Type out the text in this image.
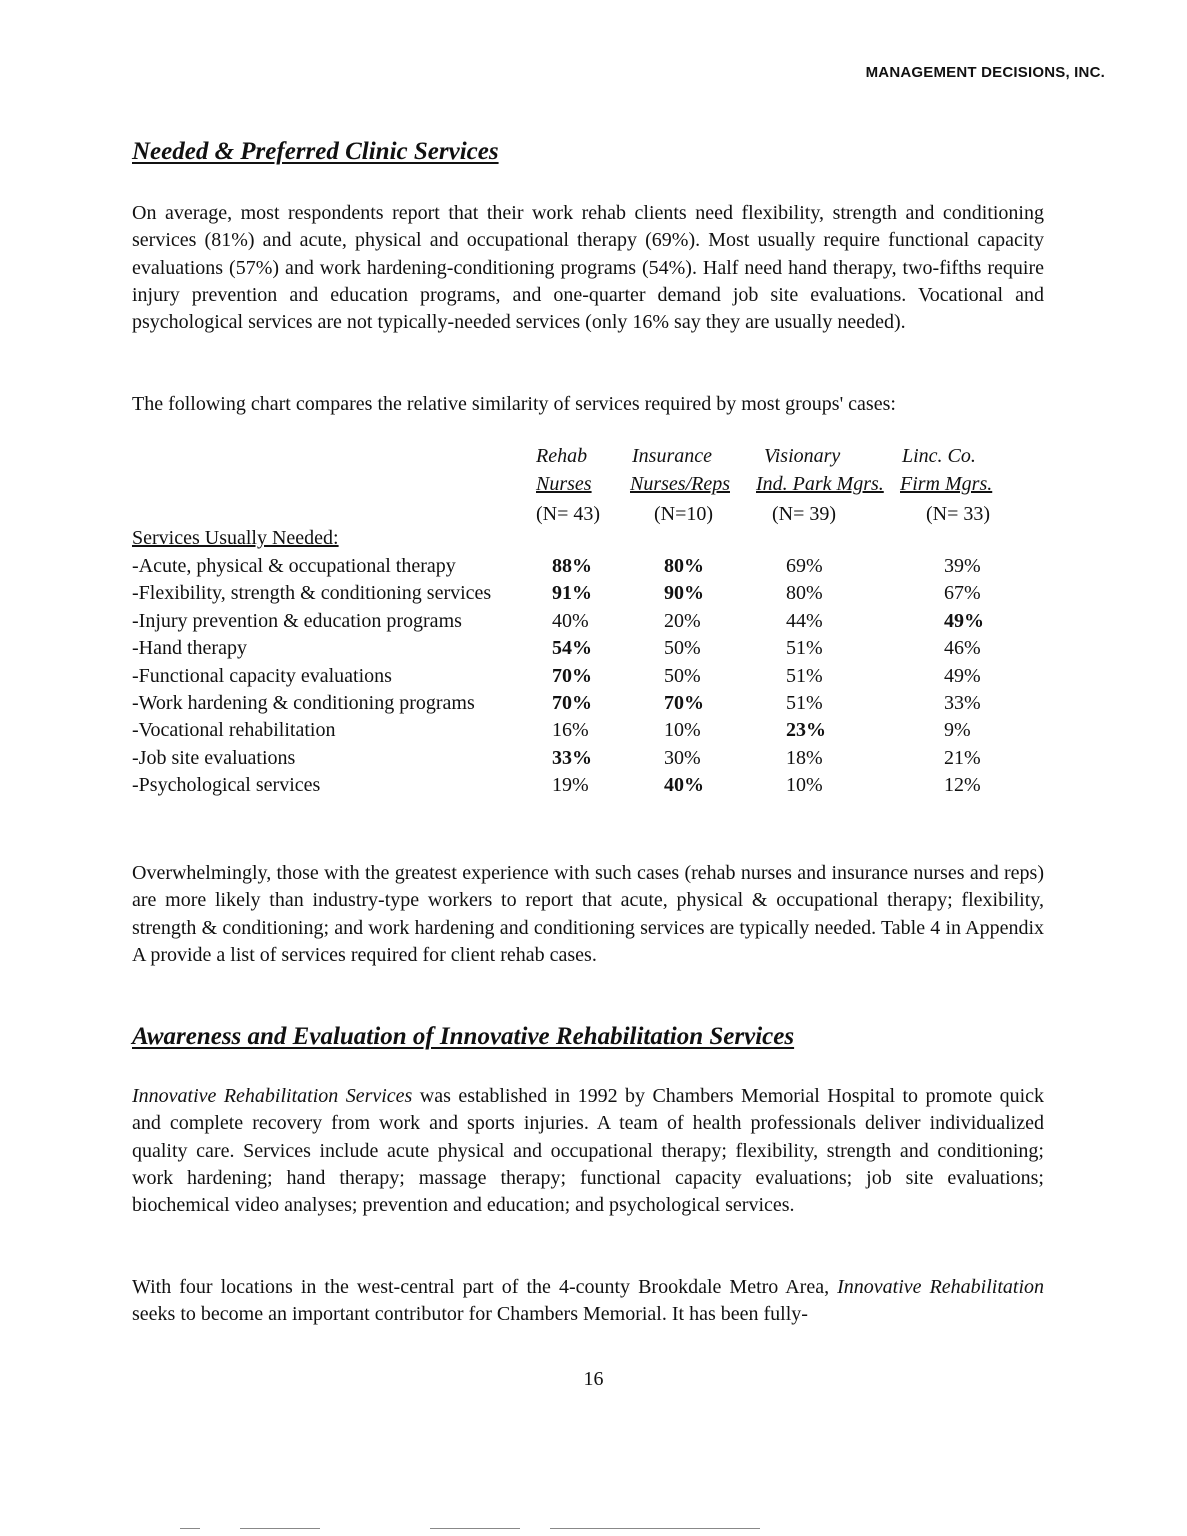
MANAGEMENT DECISIONS, INC.
Needed & Preferred Clinic Services
On average, most respondents report that their work rehab clients need flexibility, strength and conditioning services (81%) and acute, physical and occupational therapy (69%). Most usually require functional capacity evaluations (57%) and work hardening-conditioning programs (54%). Half need hand therapy, two-fifths require injury prevention and education programs, and one-quarter demand job site evaluations. Vocational and psychological services are not typically-needed services (only 16% say they are usually needed).
The following chart compares the relative similarity of services required by most groups' cases:
Rehab
Nurses
(N= 43)
Insurance
Nurses/Reps
(N=10)
Visionary
Ind. Park Mgrs.
(N= 39)
Linc. Co.
Firm Mgrs.
(N= 33)
Services Usually Needed:
-Acute, physical & occupational therapy	88%	80%	69%	39%
-Flexibility, strength & conditioning services	91%	90%	80%	67%
-Injury prevention & education programs	40%	20%	44%	49%
-Hand therapy	54%	50%	51%	46%
-Functional capacity evaluations	70%	50%	51%	49%
-Work hardening & conditioning programs	70%	70%	51%	33%
-Vocational rehabilitation	16%	10%	23%	9%
-Job site evaluations	33%	30%	18%	21%
-Psychological services	19%	40%	10%	12%
Overwhelmingly, those with the greatest experience with such cases (rehab nurses and insurance nurses and reps) are more likely than industry-type workers to report that acute, physical & occupational therapy; flexibility, strength & conditioning; and work hardening and conditioning services are typically needed. Table 4 in Appendix A provide a list of services required for client rehab cases.
Awareness and Evaluation of Innovative Rehabilitation Services
Innovative Rehabilitation Services was established in 1992 by Chambers Memorial Hospital to promote quick and complete recovery from work and sports injuries. A team of health professionals deliver individualized quality care. Services include acute physical and occupational therapy; flexibility, strength and conditioning; work hardening; hand therapy; massage therapy; functional capacity evaluations; job site evaluations; biochemical video analyses; prevention and education; and psychological services.
With four locations in the west-central part of the 4-county Brookdale Metro Area, Innovative Rehabilitation seeks to become an important contributor for Chambers Memorial. It has been fully-
16
